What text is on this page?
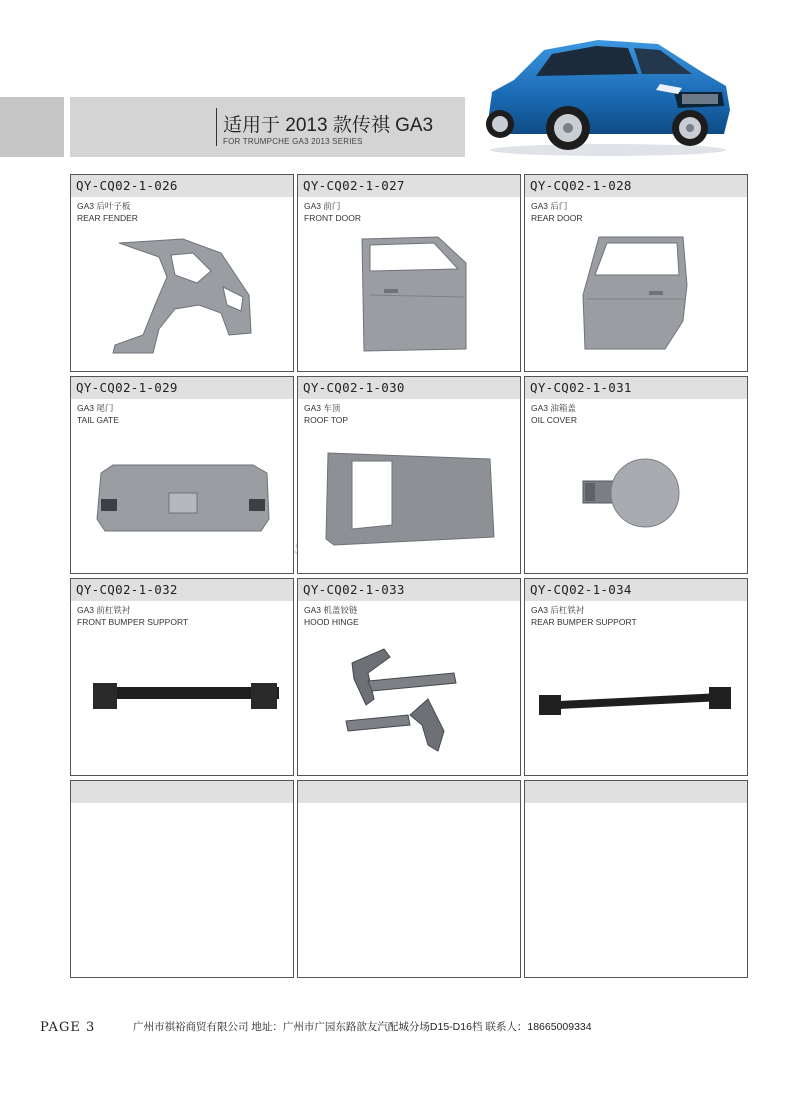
适用于 2013 款传祺 GA3
FOR TRUMPCHE GA3 2013 SERIES
QY-CQ02-1-026
GA3 后叶子板
REAR FENDER
QY-CQ02-1-027
GA3 前门
FRONT DOOR
QY-CQ02-1-028
GA3 后门
REAR DOOR
QY-CQ02-1-029
GA3 尾门
TAIL GATE
QY-CQ02-1-030
GA3 车顶
ROOF TOP
QY-CQ02-1-031
GA3 油箱盖
OIL COVER
QY-CQ02-1-032
GA3 前杠铁衬
FRONT BUMPER SUPPORT
QY-CQ02-1-033
GA3 机盖铰链
HOOD HINGE
QY-CQ02-1-034
GA3 后杠铁衬
REAR BUMPER SUPPORT
PAGE 3	广州市祺裕商贸有限公司 地址：广州市广园东路歆友汽配城分场D15-D16档 联系人：18665009334
